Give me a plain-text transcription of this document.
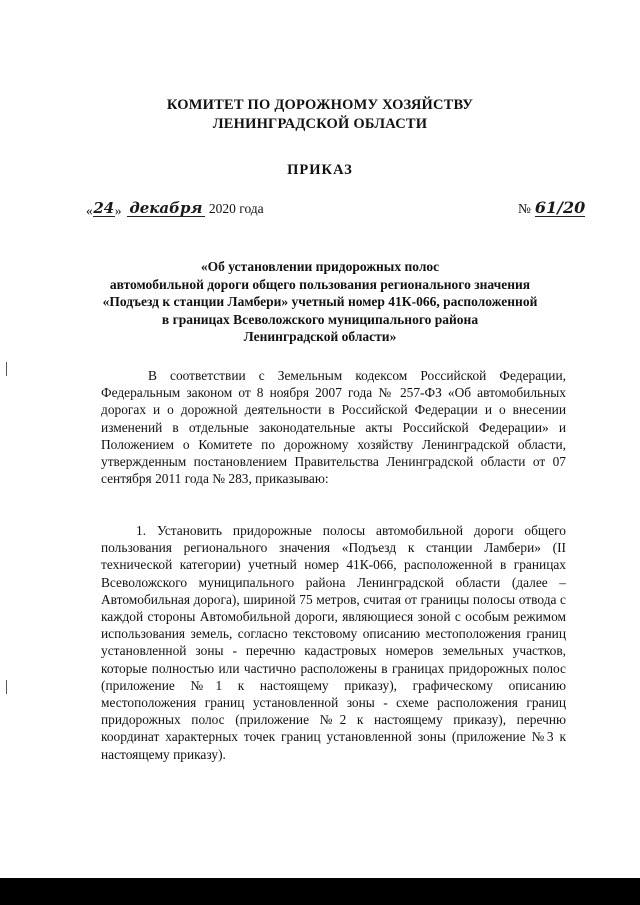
КОМИТЕТ ПО ДОРОЖНОМУ ХОЗЯЙСТВУ
ЛЕНИНГРАДСКОЙ ОБЛАСТИ
ПРИКАЗ
«24» декабря 2020 года	№ 61/20
«Об установлении придорожных полос
автомобильной дороги общего пользования регионального значения
«Подъезд к станции Ламбери» учетный номер 41К-066, расположенной
в границах Всеволожского муниципального района
Ленинградской области»
В соответствии с Земельным кодексом Российской Федерации, Федеральным законом от 8 ноября 2007 года № 257-ФЗ «Об автомобильных дорогах и о дорожной деятельности в Российской Федерации и о внесении изменений в отдельные законодательные акты Российской Федерации» и Положением о Комитете по дорожному хозяйству Ленинградской области, утвержденным постановлением Правительства Ленинградской области от 07 сентября 2011 года № 283, приказываю:
1. Установить придорожные полосы автомобильной дороги общего пользования регионального значения «Подъезд к станции Ламбери» (II технической категории) учетный номер 41К-066, расположенной в границах Всеволожского муниципального района Ленинградской области (далее – Автомобильная дорога), шириной 75 метров, считая от границы полосы отвода с каждой стороны Автомобильной дороги, являющиеся зоной с особым режимом использования земель, согласно текстовому описанию местоположения границ установленной зоны - перечню кадастровых номеров земельных участков, которые полностью или частично расположены в границах придорожных полос (приложение №1 к настоящему приказу), графическому описанию местоположения границ установленной зоны - схеме расположения границ придорожных полос (приложение №2 к настоящему приказу), перечню координат характерных точек границ установленной зоны (приложение №3 к настоящему приказу).
